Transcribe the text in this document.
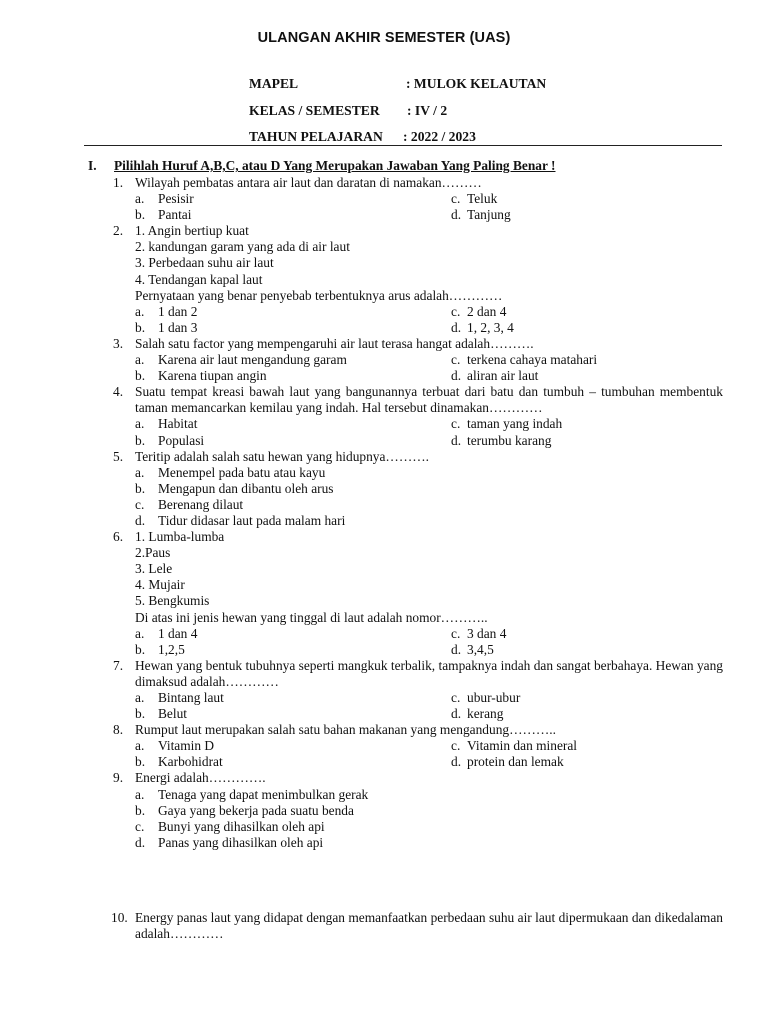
ULANGAN AKHIR SEMESTER (UAS)
MAPEL	: MULOK KELAUTAN
KELAS / SEMESTER : IV / 2
TAHUN PELAJARAN : 2022 / 2023
I. Pilihlah Huruf A,B,C, atau D Yang Merupakan Jawaban Yang Paling Benar !
1. Wilayah pembatas antara air laut dan daratan di namakan………
a. Pesisir	c. Teluk
b. Pantai	d. Tanjung
2. 1. Angin bertiup kuat
2. kandungan garam yang ada di air laut
3. Perbedaan suhu air laut
4. Tendangan kapal laut
Pernyataan yang benar penyebab terbentuknya arus adalah…………
a. 1 dan 2	c. 2 dan 4
b. 1 dan 3	d. 1, 2, 3, 4
3. Salah satu factor yang mempengaruhi air laut terasa hangat adalah……….
a. Karena air laut mengandung garam	c. terkena cahaya matahari
b. Karena tiupan angin	d. aliran air laut
4. Suatu tempat kreasi bawah laut yang bangunannya terbuat dari batu dan tumbuh – tumbuhan membentuk taman memancarkan kemilau yang indah. Hal tersebut dinamakan…………
a. Habitat	c. taman yang indah
b. Populasi	d. terumbu karang
5. Teritip adalah salah satu hewan yang hidupnya……….
a. Menempel pada batu atau kayu
b. Mengapun dan dibantu oleh arus
c. Berenang dilaut
d. Tidur didasar laut pada malam hari
6. 1. Lumba-lumba
2.Paus
3. Lele
4. Mujair
5. Bengkumis
Di atas ini jenis hewan yang tinggal di laut adalah nomor………..
a. 1 dan 4	c. 3 dan 4
b. 1,2,5	d. 3,4,5
7. Hewan yang bentuk tubuhnya seperti mangkuk terbalik, tampaknya indah dan sangat berbahaya. Hewan yang dimaksud adalah…………
a. Bintang laut	c. ubur-ubur
b. Belut	d. kerang
8. Rumput laut merupakan salah satu bahan makanan yang mengandung………..
a. Vitamin D	c. Vitamin dan mineral
b. Karbohidrat	d. protein dan lemak
9. Energi adalah………….
a. Tenaga yang dapat menimbulkan gerak
b. Gaya yang bekerja pada suatu benda
c. Bunyi yang dihasilkan oleh api
d. Panas yang dihasilkan oleh api
10. Energy panas laut yang didapat dengan memanfaatkan perbedaan suhu air laut dipermukaan dan dikedalaman adalah…………
